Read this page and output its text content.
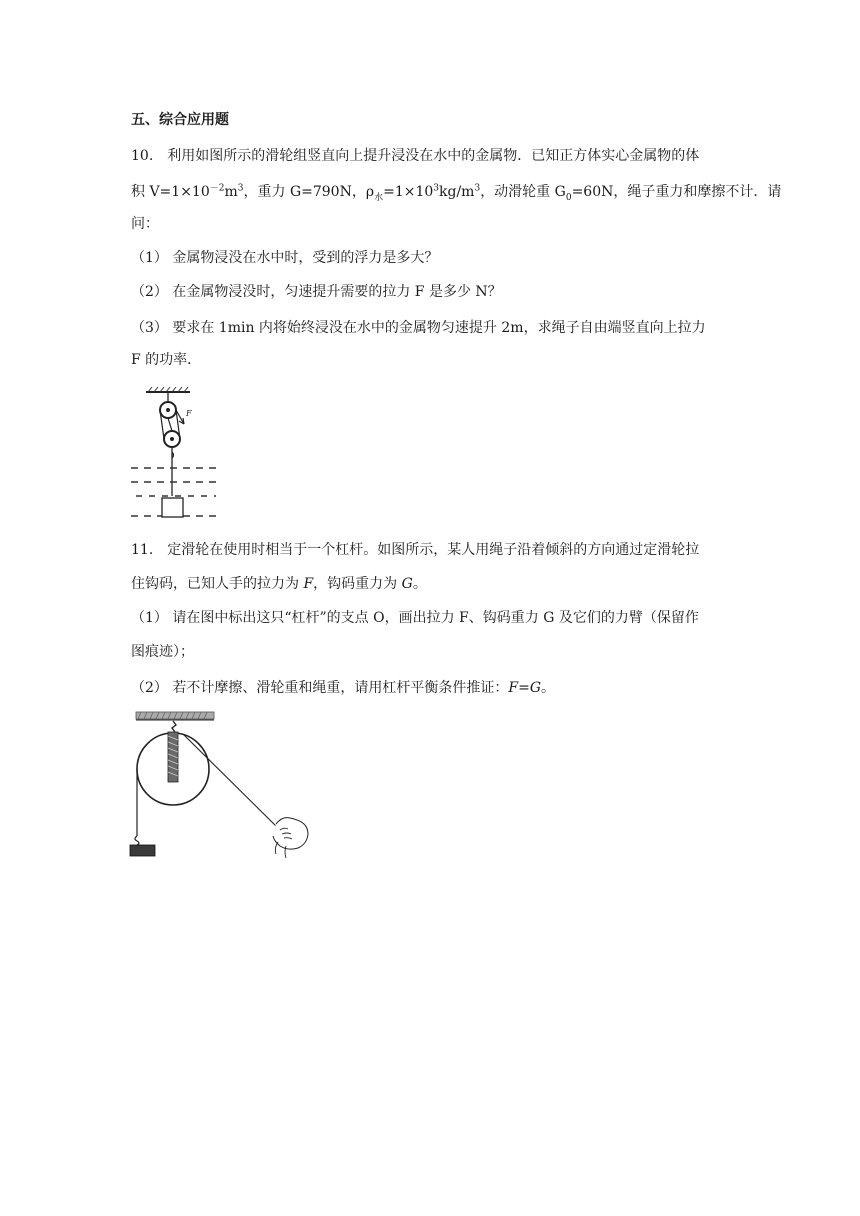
五、综合应用题
10.　利用如图所示的滑轮组竖直向上提升浸没在水中的金属物．已知正方体实心金属物的体
积 $V=1\times 10^{-2}m^3$，重力 G=790N，$\rho_水=1\times 10^3kg/m^3$，动滑轮重 $G_0=60N$，绳子重力和摩擦不计．请
问：
（1） 金属物浸没在水中时，受到的浮力是多大？
（2） 在金属物浸没时，匀速提升需要的拉力 F 是多少 N？
（3） 要求在 1min 内将始终浸没在水中的金属物匀速提升 2m，求绳子自由端竖直向上拉力
F 的功率．
F
11.　定滑轮在使用时相当于一个杠杆。如图所示，某人用绳子沿着倾斜的方向通过定滑轮拉
住钩码，已知人手的拉力为 F，钩码重力为 G。
（1） 请在图中标出这只“杠杆”的支点 O，画出拉力 F、钩码重力 G 及它们的力臂（保留作
图痕迹）；
（2） 若不计摩擦、滑轮重和绳重，请用杠杆平衡条件推证：F=G。
